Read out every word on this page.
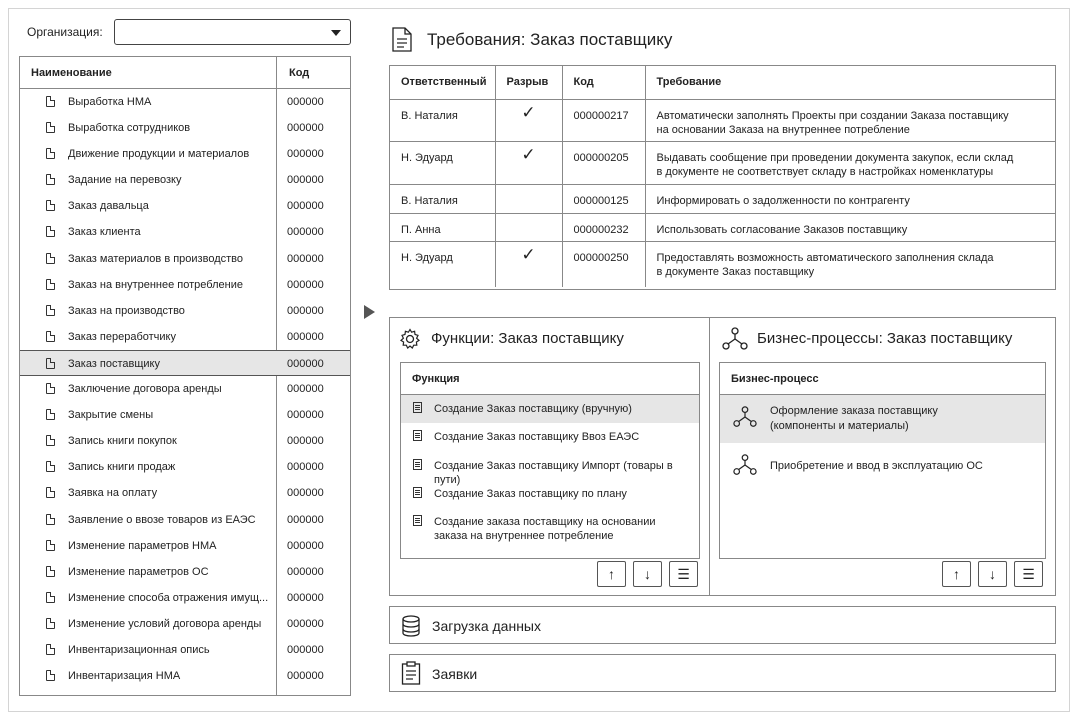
Организация:
Наименование	Код
Выработка НМА	000000
Выработка сотрудников	000000
Движение продукции и материалов	000000
Задание на перевозку	000000
Заказ давальца	000000
Заказ клиента	000000
Заказ материалов в производство	000000
Заказ на внутреннее потребление	000000
Заказ на производство	000000
Заказ переработчику	000000
Заказ поставщику	000000
Заключение договора аренды	000000
Закрытие смены	000000
Запись книги покупок	000000
Запись книги продаж	000000
Заявка на оплату	000000
Заявление о ввозе товаров из ЕАЭС	000000
Изменение параметров НМА	000000
Изменение параметров ОС	000000
Изменение способа отражения имущ...	000000
Изменение условий договора аренды	000000
Инвентаризационная опись	000000
Инвентаризация НМА	000000
Требования: Заказ поставщику
Ответственный	Разрыв	Код	Требование
В. Наталия	✓	000000217	Автоматически заполнять Проекты при создании Заказа поставщику
на основании Заказа на внутреннее потребление

Н. Эдуард	✓	000000205	Выдавать сообщение при проведении документа закупок, если склад
в документе не соответствует складу в настройках номенклатуры

В. Наталия		000000125	Информировать о задолженности по контрагенту

П. Анна		000000232	Использовать согласование Заказов поставщику

Н. Эдуард	✓	000000250	Предоставлять возможность автоматического заполнения склада
в документе Заказ поставщику
Функции: Заказ поставщику
Функция
Создание Заказ поставщику (вручную)
Создание Заказ поставщику Ввоз ЕАЭС
Создание Заказ поставщику Импорт (товары в пути)
Создание Заказ поставщику по плану
Создание заказа поставщику на основании
заказа на внутреннее потребление
↑	↓	☰
Бизнес-процессы: Заказ поставщику
Бизнес-процесс
Оформление заказа поставщику
(компоненты и материалы)
Приобретение и ввод в эксплуатацию ОС
↑	↓	☰
Загрузка данных
Заявки
